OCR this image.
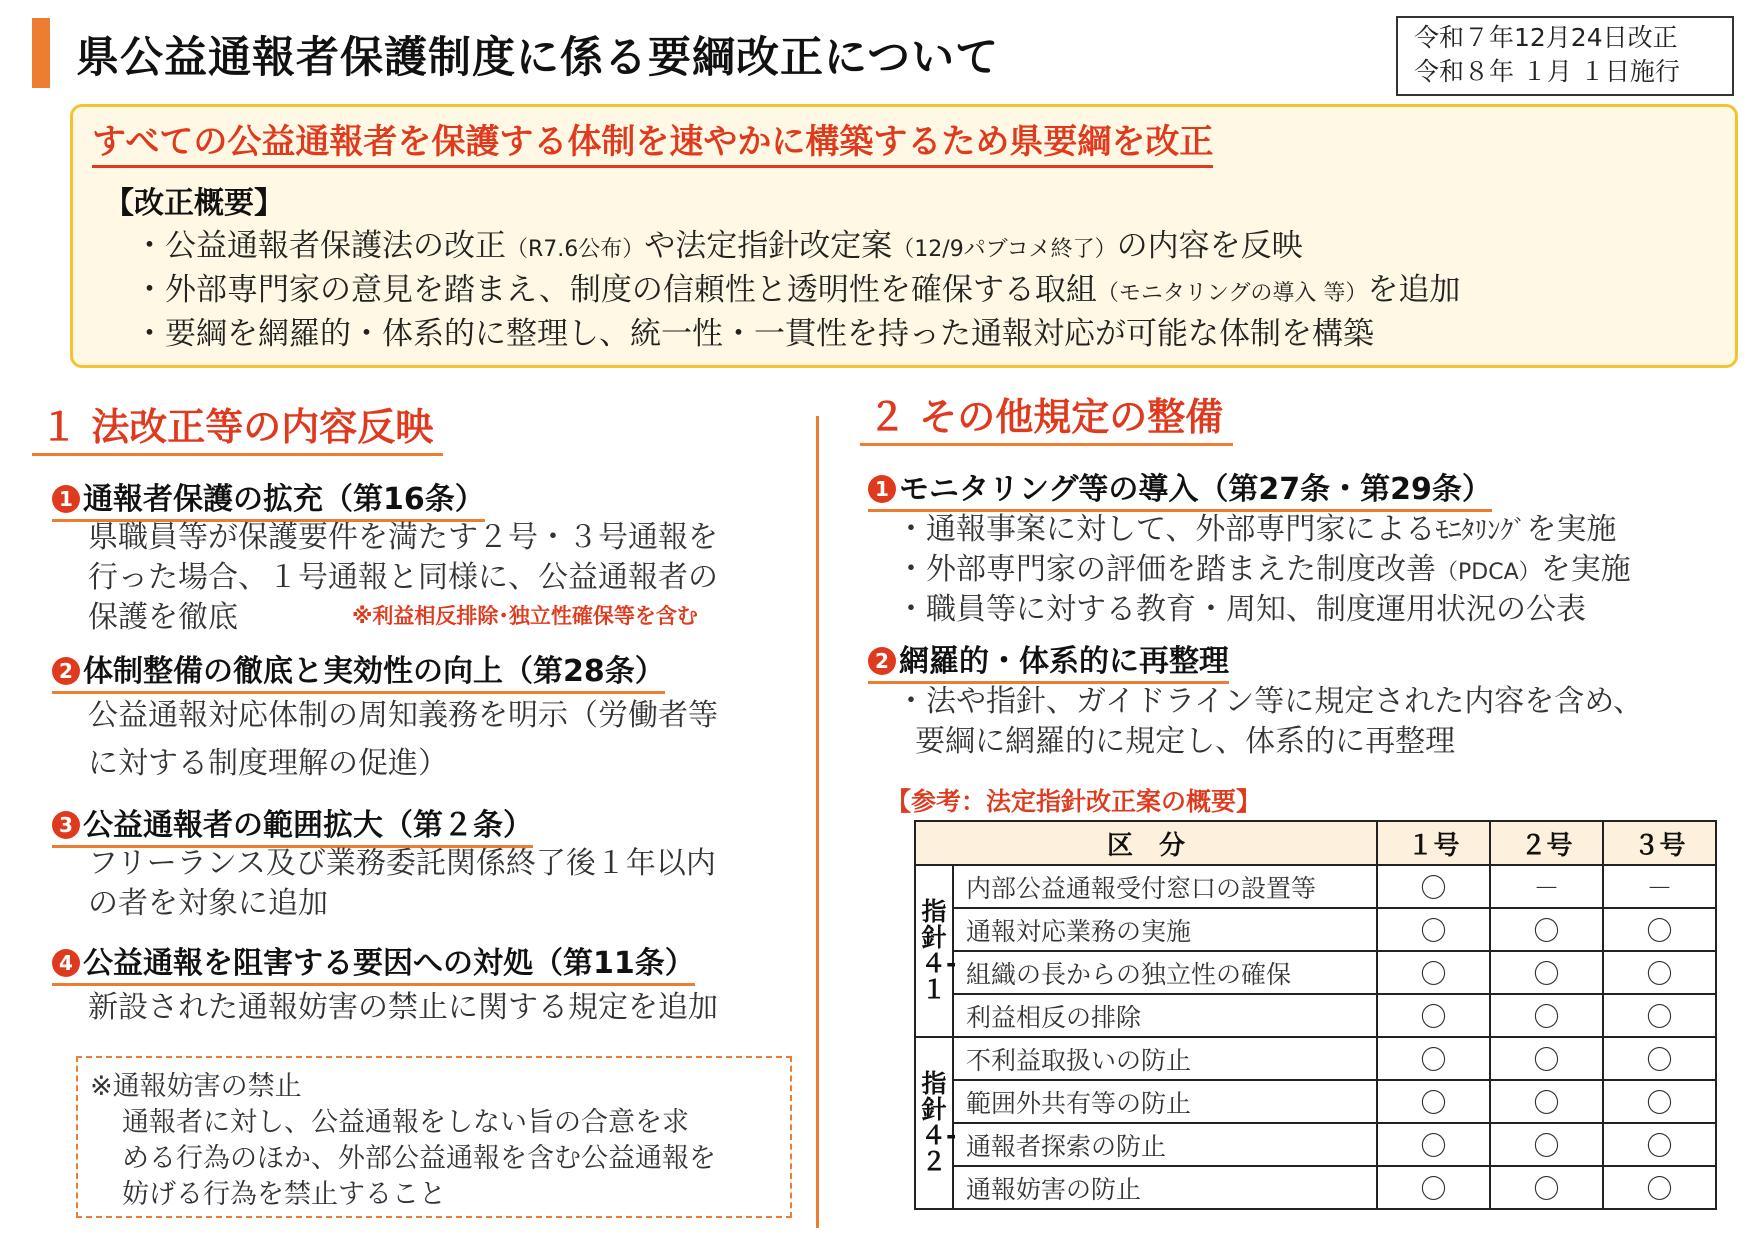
県公益通報者保護制度に係る要綱改正について	令和７年12月24日改正
令和８年 １月 １日施行
すべての公益通報者を保護する体制を速やかに構築するため県要綱を改正
【改正概要】
・公益通報者保護法の改正（R7.6公布）や法定指針改定案（12/9パブコメ終了）の内容を反映
・外部専門家の意見を踏まえ、制度の信頼性と透明性を確保する取組（モニタリングの導入 等）を追加
・要綱を網羅的・体系的に整理し、統一性・一貫性を持った通報対応が可能な体制を構築
１ 法改正等の内容反映
1 通報者保護の拡充（第16条）
県職員等が保護要件を満たす２号・３号通報を
行った場合、１号通報と同様に、公益通報者の
保護を徹底	※利益相反排除･独立性確保等を含む
2 体制整備の徹底と実効性の向上（第28条）
公益通報対応体制の周知義務を明示（労働者等
に対する制度理解の促進）
3 公益通報者の範囲拡大（第２条）
フリーランス及び業務委託関係終了後１年以内
の者を対象に追加
4 公益通報を阻害する要因への対処（第11条）
新設された通報妨害の禁止に関する規定を追加
※通報妨害の禁止
通報者に対し、公益通報をしない旨の合意を求
める行為のほか、外部公益通報を含む公益通報を
妨げる行為を禁止すること
２ その他規定の整備
1 モニタリング等の導入（第27条・第29条）
・通報事案に対して、外部専門家によるﾓﾆﾀﾘﾝｸﾞを実施
・外部専門家の評価を踏まえた制度改善（PDCA）を実施
・職員等に対する教育・周知、制度運用状況の公表
2 網羅的・体系的に再整理
・法や指針、ガイドライン等に規定された内容を含め、
要綱に網羅的に規定し、体系的に再整理
【参考：法定指針改正案の概要】
区　分		１号	２号	３号
指針４-１	内部公益通報受付窓口の設置等	〇	－	－
	通報対応業務の実施	〇	〇	〇
	組織の長からの独立性の確保	〇	〇	〇
	利益相反の排除	〇	〇	〇
指針４-２	不利益取扱いの防止	〇	〇	〇
	範囲外共有等の防止	〇	〇	〇
	通報者探索の防止	〇	〇	〇
	通報妨害の防止	〇	〇	〇
